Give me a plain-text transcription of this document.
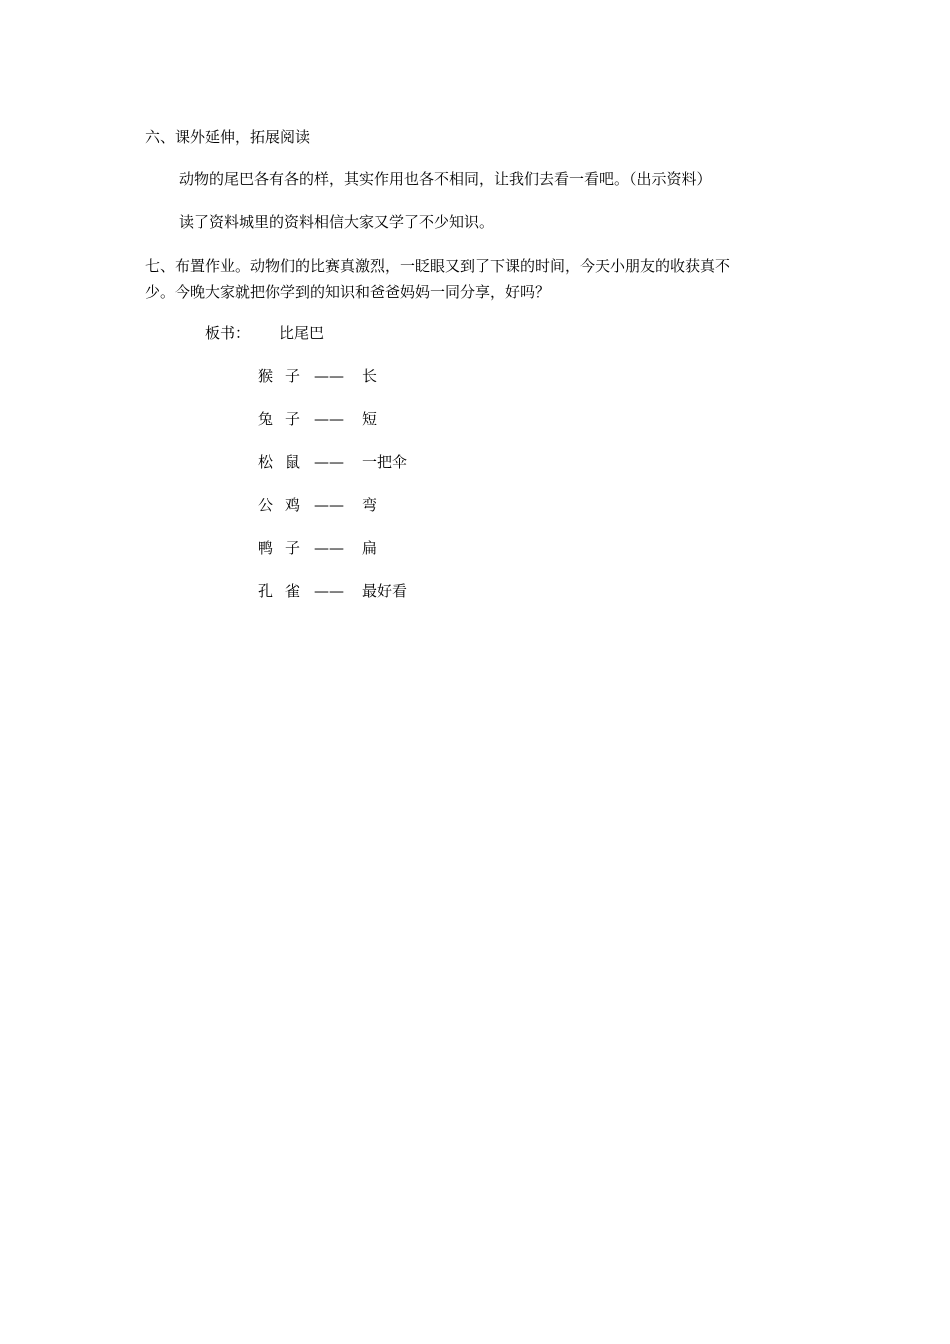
六、课外延伸，拓展阅读
动物的尾巴各有各的样，其实作用也各不相同，让我们去看一看吧。（出示资料）
读了资料城里的资料相信大家又学了不少知识。
七、布置作业。动物们的比赛真激烈，一眨眼又到了下课的时间，今天小朋友的收获真不
少。今晚大家就把你学到的知识和爸爸妈妈一同分享，好吗？
板书： 比尾巴
猴子 —— 长
兔子 —— 短
松鼠 —— 一把伞
公鸡 —— 弯
鸭子 —— 扁
孔雀 —— 最好看
